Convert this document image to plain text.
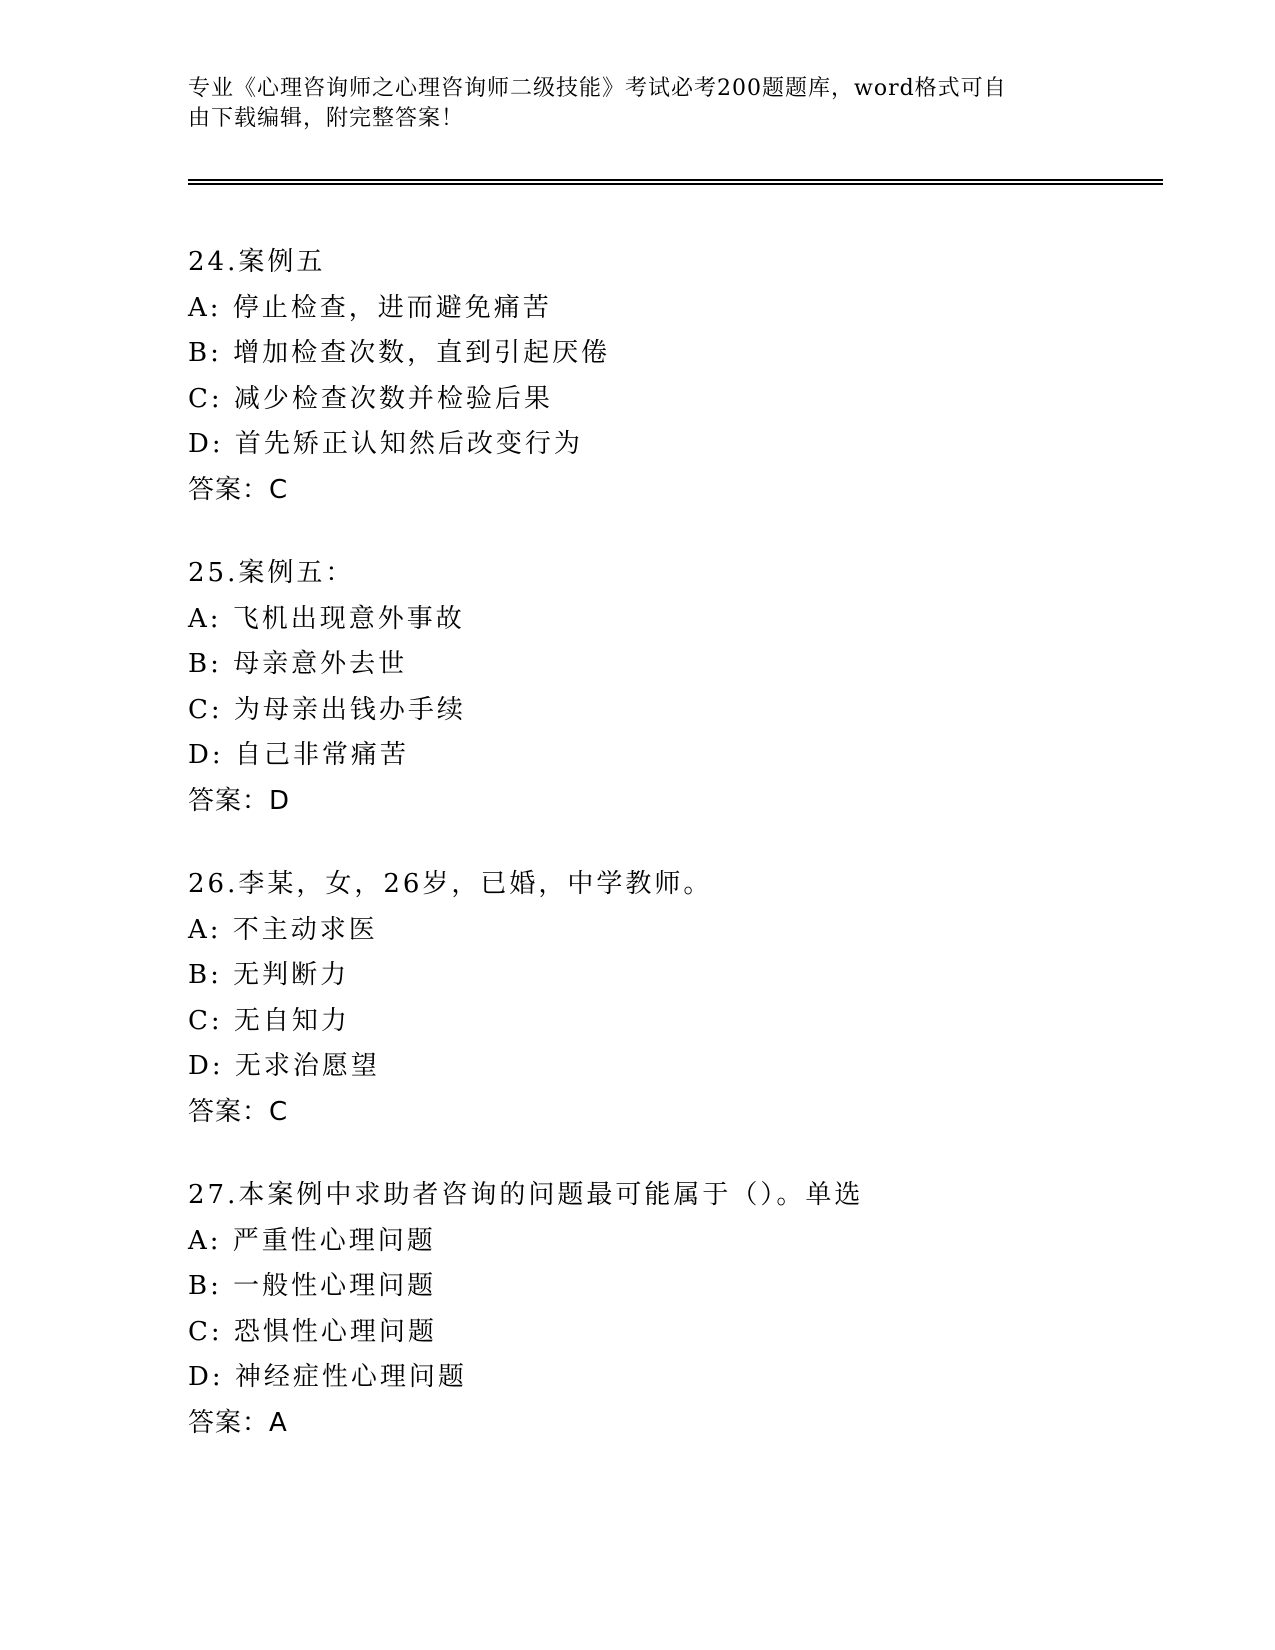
专业《心理咨询师之心理咨询师二级技能》考试必考200题题库，word格式可自
由下载编辑，附完整答案！
24.案例五
A: 停止检查，进而避免痛苦
B: 增加检查次数，直到引起厌倦
C: 减少检查次数并检验后果
D: 首先矫正认知然后改变行为
答案：C
25.案例五：
A: 飞机出现意外事故
B: 母亲意外去世
C: 为母亲出钱办手续
D: 自己非常痛苦
答案：D
26.李某，女，26岁，已婚，中学教师。
A: 不主动求医
B: 无判断力
C: 无自知力
D: 无求治愿望
答案：C
27.本案例中求助者咨询的问题最可能属于（）。单选
A: 严重性心理问题
B: 一般性心理问题
C: 恐惧性心理问题
D: 神经症性心理问题
答案：A
